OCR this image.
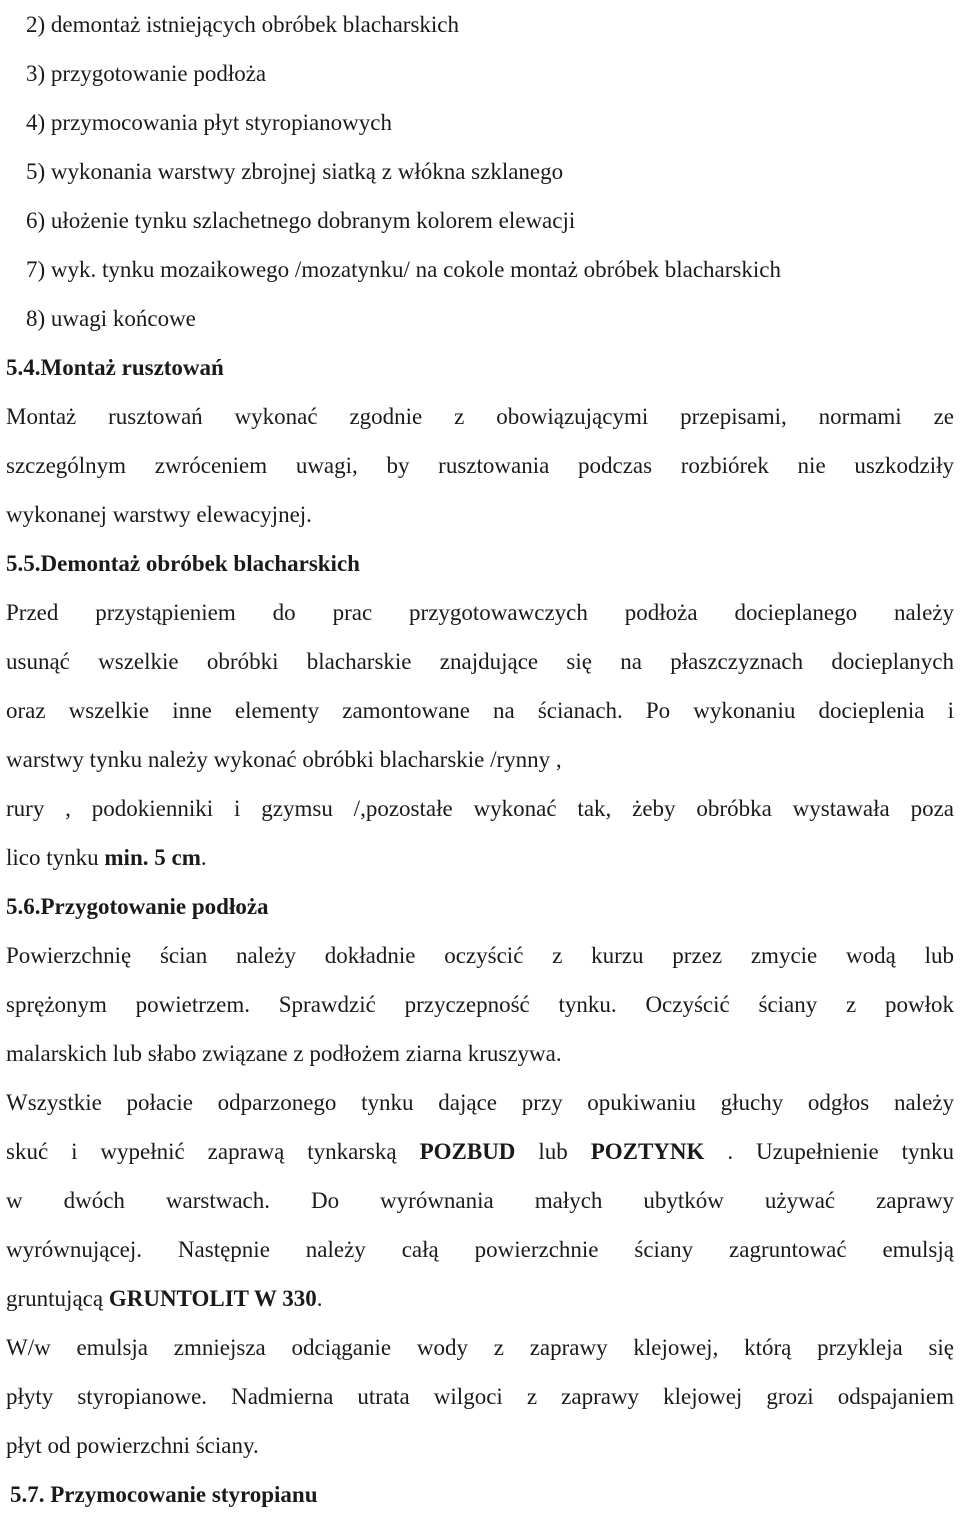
2) demontaż istniejących obróbek blacharskich
3) przygotowanie podłoża
4) przymocowania płyt styropianowych
5) wykonania warstwy zbrojnej siatką z włókna szklanego
6) ułożenie tynku szlachetnego dobranym kolorem elewacji
7) wyk. tynku mozaikowego /mozatynku/ na cokole montaż obróbek blacharskich
8) uwagi końcowe
5.4.Montaż rusztowań
Montaż rusztowań wykonać zgodnie z obowiązującymi przepisami, normami ze
szczególnym zwróceniem uwagi, by rusztowania podczas rozbiórek nie uszkodziły
wykonanej warstwy elewacyjnej.
5.5.Demontaż obróbek blacharskich
Przed przystąpieniem do prac przygotowawczych podłoża docieplanego należy
usunąć wszelkie obróbki blacharskie znajdujące się na płaszczyznach docieplanych
oraz wszelkie inne elementy zamontowane na ścianach. Po wykonaniu docieplenia i
warstwy tynku należy wykonać obróbki blacharskie /rynny ,
rury , podokienniki i gzymsu /,pozostałe wykonać tak, żeby obróbka wystawała poza
lico tynku min. 5 cm.
5.6.Przygotowanie podłoża
Powierzchnię ścian należy dokładnie oczyścić z kurzu przez zmycie wodą lub
sprężonym powietrzem. Sprawdzić przyczepność tynku. Oczyścić ściany z powłok
malarskich lub słabo związane z podłożem ziarna kruszywa.
Wszystkie połacie odparzonego tynku dające przy opukiwaniu głuchy odgłos należy
skuć i wypełnić zaprawą tynkarską POZBUD lub POZTYNK . Uzupełnienie tynku
w dwóch warstwach. Do wyrównania małych ubytków używać zaprawy
wyrównującej. Następnie należy całą powierzchnie ściany zagruntować emulsją
gruntującą GRUNTOLIT W 330.
W/w emulsja zmniejsza odciąganie wody z zaprawy klejowej, którą przykleja się
płyty styropianowe. Nadmierna utrata wilgoci z zaprawy klejowej grozi odspajaniem
płyt od powierzchni ściany.
5.7. Przymocowanie styropianu
